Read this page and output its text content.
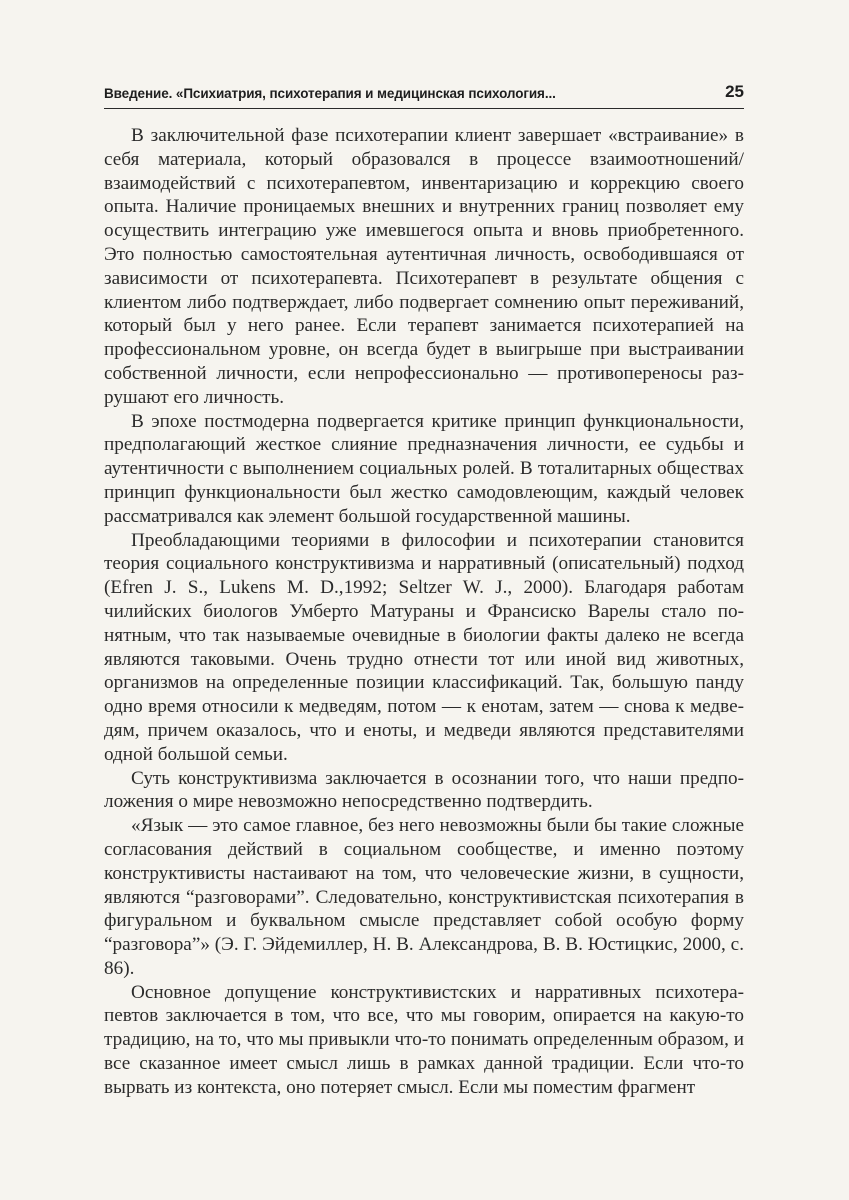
Введение. «Психиатрия, психотерапия и медицинская психология...	25

В заключительной фазе психотерапии клиент завершает «встраивание» в себя материала, который образовался в процессе взаимоотношений/взаимодействий с психотерапевтом, инвентаризацию и коррекцию своего опыта. Наличие проницаемых внешних и внутренних границ позволяет ему осуществить интеграцию уже имевшегося опыта и вновь приобретенного. Это полностью самостоятельная аутентичная личность, освободившаяся от зависимости от психотерапевта. Психотерапевт в результате общения с клиентом либо подтверждает, либо подвергает сомнению опыт переживаний, который был у него ранее. Если терапевт занимается психотерапией на профессиональном уровне, он всегда будет в выигрыше при выстраивании собственной личности, если непрофессионально — противопереносы разрушают его личность.

В эпохе постмодерна подвергается критике принцип функциональности, предполагающий жесткое слияние предназначения личности, ее судьбы и аутентичности с выполнением социальных ролей. В тоталитарных обществах принцип функциональности был жестко самодовлеющим, каждый человек рассматривался как элемент большой государственной машины.

Преобладающими теориями в философии и психотерапии становится теория социального конструктивизма и нарративный (описательный) подход (Efren J. S., Lukens M. D.,1992; Seltzer W. J., 2000). Благодаря работам чилийских биологов Умберто Матураны и Франсиско Варелы стало понятным, что так называемые очевидные в биологии факты далеко не всегда являются таковыми. Очень трудно отнести тот или иной вид животных, организмов на определенные позиции классификаций. Так, большую панду одно время относили к медведям, потом — к енотам, затем — снова к медведям, причем оказалось, что и еноты, и медведи являются представителями одной большой семьи.

Суть конструктивизма заключается в осознании того, что наши предположения о мире невозможно непосредственно подтвердить.

«Язык — это самое главное, без него невозможны были бы такие сложные согласования действий в социальном сообществе, и именно поэтому конструктивисты настаивают на том, что человеческие жизни, в сущности, являются “разговорами”. Следовательно, конструктивистская психотерапия в фигуральном и буквальном смысле представляет собой особую форму “разговора”» (Э. Г. Эйдемиллер, Н. В. Александрова, В. В. Юстицкис, 2000, с. 86).

Основное допущение конструктивистских и нарративных психотерапевтов заключается в том, что все, что мы говорим, опирается на какую-то традицию, на то, что мы привыкли что-то понимать определенным образом, и все сказанное имеет смысл лишь в рамках данной традиции. Если что-то вырвать из контекста, оно потеряет смысл. Если мы поместим фрагмент
